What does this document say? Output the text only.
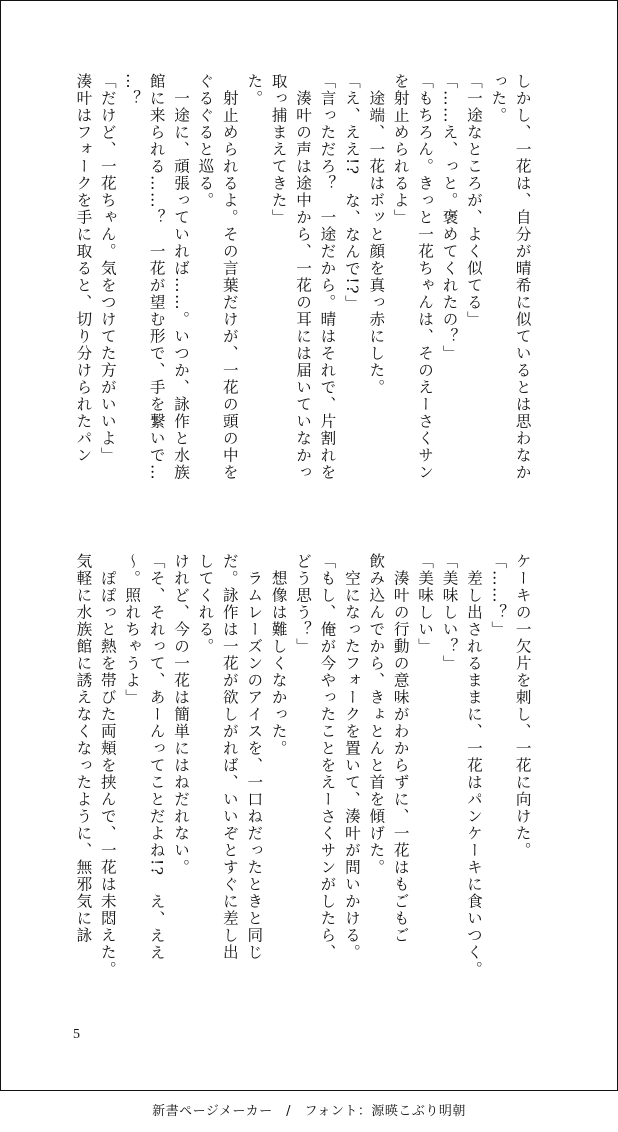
しかし、一花は、自分が晴希に似ているとは思わなか
った。
「一途なところが、よく似てる」
「……え、っと。褒めてくれたの？」
「もちろん。きっと一花ちゃんは、そのえーさくサン
を射止められるよ」
　途端、一花はボッと顔を真っ赤にした。
「え、ええ!?　な、なんで!?」
「言っただろ？　一途だから。晴はそれで、片割れを
　湊叶の声は途中から、一花の耳には届いていなかっ
取っ捕まえてきた」
た。
　射止められるよ。その言葉だけが、一花の頭の中を
ぐるぐると巡る。
　一途に、頑張っていれば……。いつか、詠作と水族
館に来られる……？　一花が望む形で、手を繋いで…
…？
「だけど、一花ちゃん。気をつけてた方がいいよ」
湊叶はフォークを手に取ると、切り分けられたパン
ケーキの一欠片を刺し、一花に向けた。
「……？」
　差し出されるままに、一花はパンケーキに食いつく。
「美味しい？」
「美味しい」
　湊叶の行動の意味がわからずに、一花はもごもご
飲み込んでから、きょとんと首を傾げた。
　空になったフォークを置いて、湊叶が問いかける。
「もし、俺が今やったことをえーさくサンがしたら、
どう思う？」
　想像は難しくなかった。
　ラムレーズンのアイスを、一口ねだったときと同じ
だ。詠作は一花が欲しがれば、いいぞとすぐに差し出
してくれる。
けれど、今の一花は簡単にはねだれない。
「そ、それって、あーんってことだよね!?　え、ええ
～。照れちゃうよ」
　ぽぽっと熱を帯びた両頬を挟んで、一花は未悶えた。
気軽に水族館に誘えなくなったように、無邪気に詠
5
新書ページメーカー　/　フォント：源暎こぶり明朝
